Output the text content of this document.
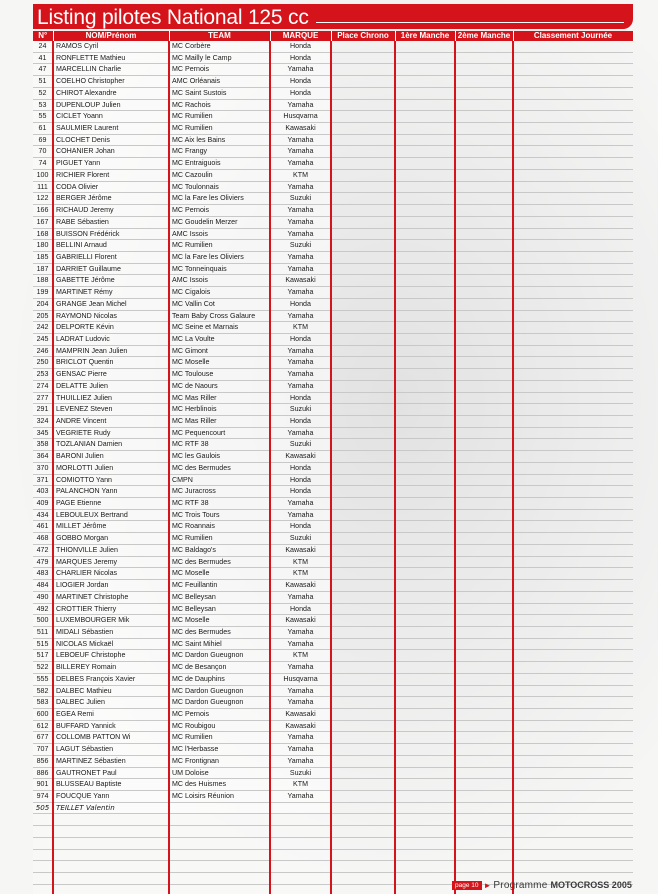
Listing pilotes National 125 cc
N°	NOM/Prénom	TEAM	MARQUE	Place Chrono	1ère Manche	2ème Manche	Classement Journée
24	RAMOS Cyril	MC Corbère	Honda				
41	RONFLETTE Mathieu	MC Mailly le Camp	Honda				
47	MARCELLIN Charlie	MC Pernois	Yamaha				
51	COELHO Christopher	AMC Orléanais	Honda				
52	CHIROT Alexandre	MC Saint Sustois	Honda				
53	DUPENLOUP Julien	MC Rachois	Yamaha				
55	CICLET Yoann	MC Rumilien	Husqvarna				
61	SAULMIER Laurent	MC Rumilien	Kawasaki				
69	CLOCHET Denis	MC Aix les Bains	Yamaha				
70	COHANIER Johan	MC Frangy	Yamaha				
74	PIGUET Yann	MC Entraiguois	Yamaha				
100	RICHIER Florent	MC Cazoulin	KTM				
111	CODA Olivier	MC Toulonnais	Yamaha				
122	BERGER Jérôme	MC la Fare les Oliviers	Suzuki				
166	RICHAUD Jeremy	MC Pernois	Yamaha				
167	RABE Sébastien	MC Goudelin Merzer	Yamaha				
168	BUISSON Frédérick	AMC Issois	Yamaha				
180	BELLINI Arnaud	MC Rumilien	Suzuki				
185	GABRIELLI Florent	MC la Fare les Oliviers	Yamaha				
187	DARRIET Guillaume	MC Tonneinquais	Yamaha				
188	GABETTE Jérôme	AMC Issois	Kawasaki				
199	MARTINET Rémy	MC Cigalois	Yamaha				
204	GRANGE Jean Michel	MC Vallin Cot	Honda				
205	RAYMOND Nicolas	Team Baby Cross Galaure	Yamaha				
242	DELPORTE Kévin	MC Seine et Marnais	KTM				
245	LADRAT Ludovic	MC La Voulte	Honda				
246	MAMPRIN Jean Julien	MC Gimont	Yamaha				
250	BRICLOT Quentin	MC Moselle	Yamaha				
253	GENSAC Pierre	MC Toulouse	Yamaha				
274	DELATTE Julien	MC de Naours	Yamaha				
277	THUILLIEZ Julien	MC Mas Riller	Honda				
291	LEVENEZ Steven	MC Herblinois	Suzuki				
324	ANDRE Vincent	MC Mas Riller	Honda				
345	VEGRIETE Rudy	MC Pequencourt	Yamaha				
358	TOZLANIAN Damien	MC RTF 38	Suzuki				
364	BARONI Julien	MC les Gaulois	Kawasaki				
370	MORLOTTI Julien	MC des Bermudes	Honda				
371	COMIOTTO Yann	CMPN	Honda				
403	PALANCHON Yann	MC Juracross	Honda				
409	PAGE Etienne	MC RTF 38	Yamaha				
434	LEBOULEUX Bertrand	MC Trois Tours	Yamaha				
461	MILLET Jérôme	MC Roannais	Honda				
468	GOBBO Morgan	MC Rumilien	Suzuki				
472	THIONVILLE Julien	MC Baldago's	Kawasaki				
479	MARQUES Jeremy	MC des Bermudes	KTM				
483	CHARLIER Nicolas	MC Moselle	KTM				
484	LIOGIER Jordan	MC Feuillantin	Kawasaki				
490	MARTINET Christophe	MC Belleysan	Yamaha				
492	CROTTIER Thierry	MC Belleysan	Honda				
500	LUXEMBOURGER Mik	MC Moselle	Kawasaki				
511	MIDALI Sébastien	MC des Bermudes	Yamaha				
515	NICOLAS Mickaël	MC Saint Mihiel	Yamaha				
517	LEBOEUF Christophe	MC Dardon Gueugnon	KTM				
522	BILLEREY Romain	MC de Besançon	Yamaha				
555	DELBES François Xavier	MC de Dauphins	Husqvarna				
582	DALBEC Mathieu	MC Dardon Gueugnon	Yamaha				
583	DALBEC Julien	MC Dardon Gueugnon	Yamaha				
600	EGEA Remi	MC Pernois	Kawasaki				
612	BUFFARD Yannick	MC Roubigou	Kawasaki				
677	COLLOMB PATTON Wi	MC Rumilien	Yamaha				
707	LAGUT Sébastien	MC l'Herbasse	Yamaha				
856	MARTINEZ Sébastien	MC Frontignan	Yamaha				
886	GAUTRONET Paul	UM Doloise	Suzuki				
901	BLUSSEAU Baptiste	MC des Huismes	KTM				
974	FOUCQUE Yann	MC Loisirs Réunion	Yamaha				
505	TEILLET Valentin						

page 10 ► Programme MOTOCROSS 2005
